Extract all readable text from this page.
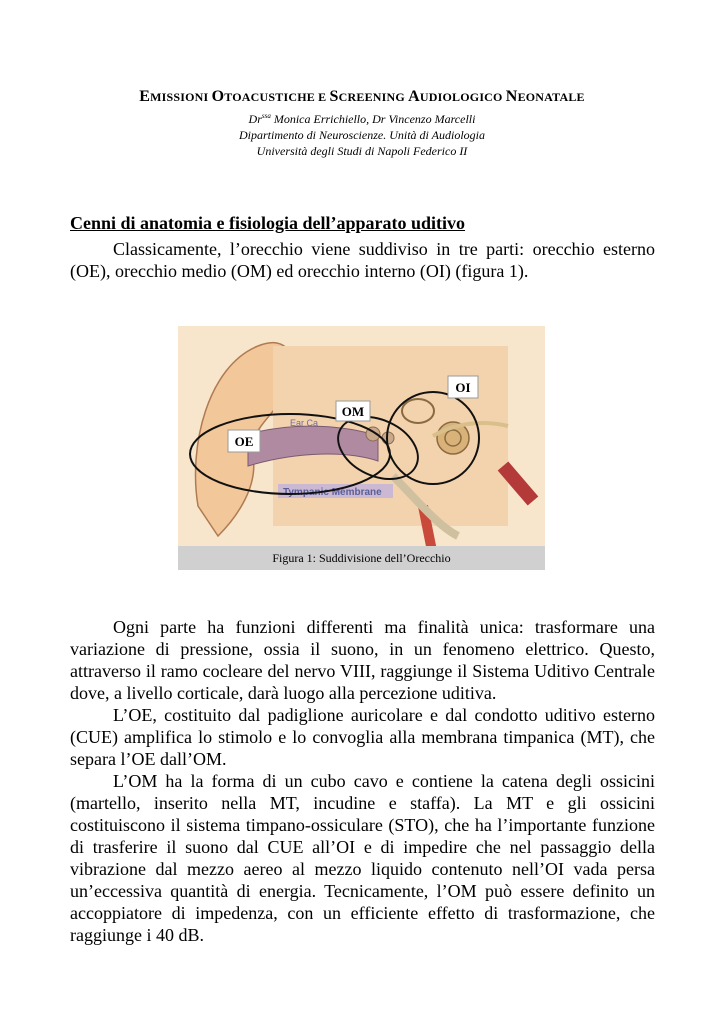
EMISSIONI OTOACUSTICHE E SCREENING AUDIOLOGICO NEONATALE
$Dr^{ssa}$ Monica Errichiello, Dr Vincenzo Marcelli
Dipartimento di Neuroscienze. Unità di Audiologia
Università degli Studi di Napoli Federico II
Cenni di anatomia e fisiologia dell’apparato uditivo
Classicamente, l’orecchio viene suddiviso in tre parti: orecchio esterno (OE), orecchio medio (OM) ed orecchio interno (OI) (figura 1).
Ear Ca
Tympanic Membrane
OE
OM
OI
Figura 1: Suddivisione dell’Orecchio
Ogni parte ha funzioni differenti ma finalità unica: trasformare una variazione di pressione, ossia il suono, in un fenomeno elettrico. Questo, attraverso il ramo cocleare del nervo VIII, raggiunge il Sistema Uditivo Centrale dove, a livello corticale, darà luogo alla percezione uditiva.
L’OE, costituito dal padiglione auricolare e dal condotto uditivo esterno (CUE) amplifica lo stimolo e lo convoglia alla membrana timpanica (MT), che separa l’OE dall’OM.
L’OM ha la forma di un cubo cavo e contiene la catena degli ossicini (martello, inserito nella MT, incudine e staffa). La MT e gli ossicini costituiscono il sistema timpano-ossiculare (STO), che ha l’importante funzione di trasferire il suono dal CUE all’OI e di impedire che nel passaggio della vibrazione dal mezzo aereo al mezzo liquido contenuto nell’OI vada persa un’eccessiva quantità di energia. Tecnicamente, l’OM può essere definito un accoppiatore di impedenza, con un efficiente effetto di trasformazione, che raggiunge i 40 dB.
